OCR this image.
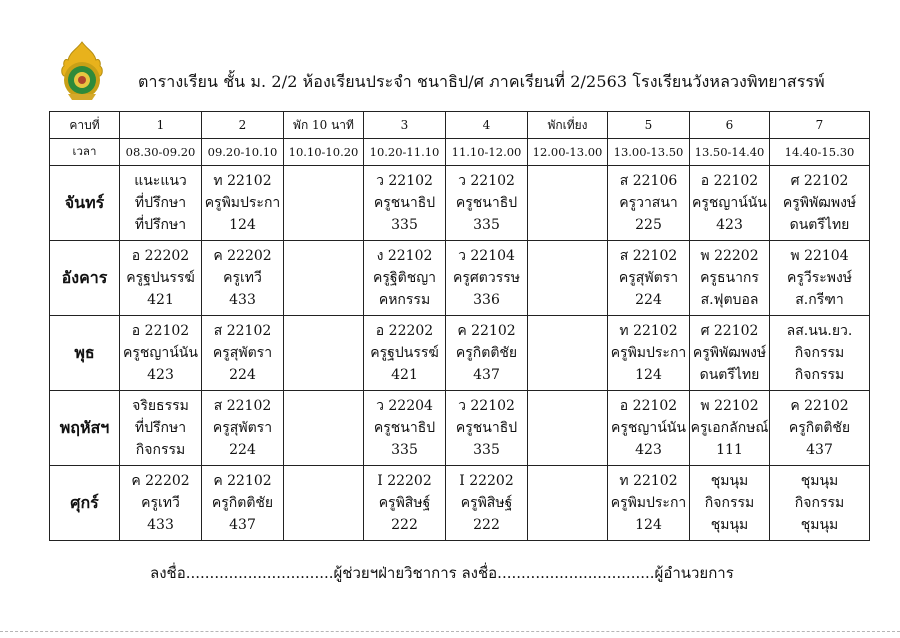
ตารางเรียน ชั้น ม. 2/2 ห้องเรียนประจำ ชนาธิป/ศ ภาคเรียนที่ 2/2563 โรงเรียนวังหลวงพิทยาสรรพ์
คาบที่	1	2	พัก 10 นาที	3	4	พักเที่ยง	5	6	7
เวลา	08.30-09.20	09.20-10.10	10.10-10.20	10.20-11.10	11.10-12.00	12.00-13.00	13.00-13.50	13.50-14.40	14.40-15.30
จันทร์	แนะแนว
ที่ปรึกษา
ที่ปรึกษา	ท 22102
ครูพิมประกา
124		ว 22102
ครูชนาธิป
335	ว 22102
ครูชนาธิป
335		ส 22106
ครูวาสนา
225	อ 22102
ครูชญาน์นัน
423	ศ 22102
ครูพิพัฒพงษ์
ดนตรีไทย

อังคาร	อ 22202
ครูฐปนรรฆ์
421	ค 22202
ครูเทวี
433		ง 22102
ครูฐิติชญา
คหกรรม	ว 22104
ครูศตวรรษ
336		ส 22102
ครูสุพัตรา
224	พ 22202
ครูธนากร
ส.ฟุตบอล	พ 22104
ครูวีระพงษ์
ส.กรีฑา

พุธ	อ 22102
ครูชญาน์นัน
423	ส 22102
ครูสุพัตรา
224		อ 22202
ครูฐปนรรฆ์
421	ค 22102
ครูกิตติชัย
437		ท 22102
ครูพิมประกา
124	ศ 22102
ครูพิพัฒพงษ์
ดนตรีไทย	ลส.นน.ยว.
กิจกรรม
กิจกรรม

พฤหัสฯ	จริยธรรม
ที่ปรึกษา
กิจกรรม	ส 22102
ครูสุพัตรา
224		ว 22204
ครูชนาธิป
335	ว 22102
ครูชนาธิป
335		อ 22102
ครูชญาน์นัน
423	พ 22102
ครูเอกลักษณ์
111	ค 22102
ครูกิตติชัย
437

ศุกร์	ค 22202
ครูเทวี
433	ค 22102
ครูกิตติชัย
437		I 22202
ครูพิสิษฐ์
222	I 22202
ครูพิสิษฐ์
222		ท 22102
ครูพิมประกา
124	ชุมนุม
กิจกรรม
ชุมนุม	ชุมนุม
กิจกรรม
ชุมนุม
ลงชื่อ...............................ผู้ช่วยฯฝ่ายวิชาการ ลงชื่อ.................................ผู้อำนวยการ
